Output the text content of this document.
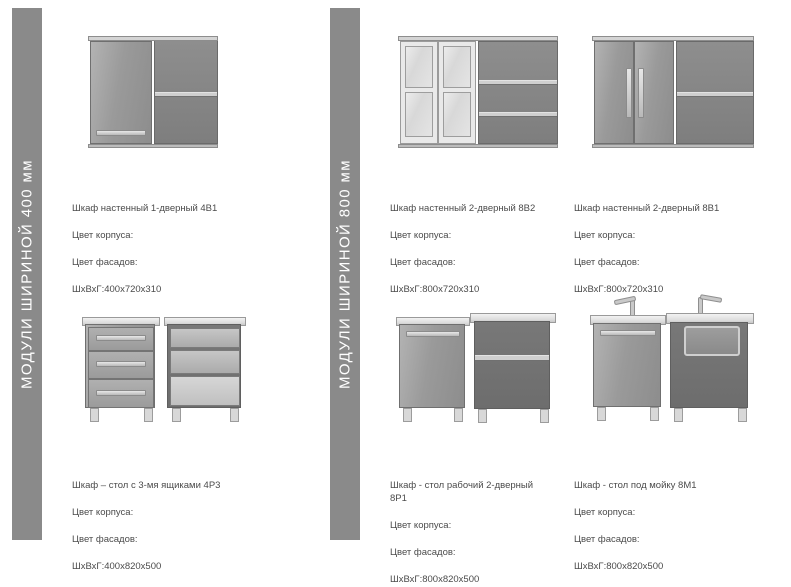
МОДУЛИ ШИРИНОЙ 400 мм	МОДУЛИ ШИРИНОЙ 800 мм

Шкаф настенный 1-дверный 4В1

Цвет корпуса:

Цвет фасадов:

ШхВхГ:400x720x310

Шкаф – стол с 3-мя ящиками 4Р3

Цвет корпуса:

Цвет фасадов:

ШхВхГ:400x820x500

Шкаф настенный 2-дверный 8В2

Цвет корпуса:

Цвет фасадов:

ШхВхГ:800x720x310

Шкаф настенный 2-дверный 8В1

Цвет корпуса:

Цвет фасадов:

ШхВхГ:800x720x310

Шкаф - стол рабочий 2-дверный 8Р1

Цвет корпуса:

Цвет фасадов:

ШхВхГ:800x820x500

Шкаф - стол под мойку 8М1

Цвет корпуса:

Цвет фасадов:

ШхВхГ:800x820x500
